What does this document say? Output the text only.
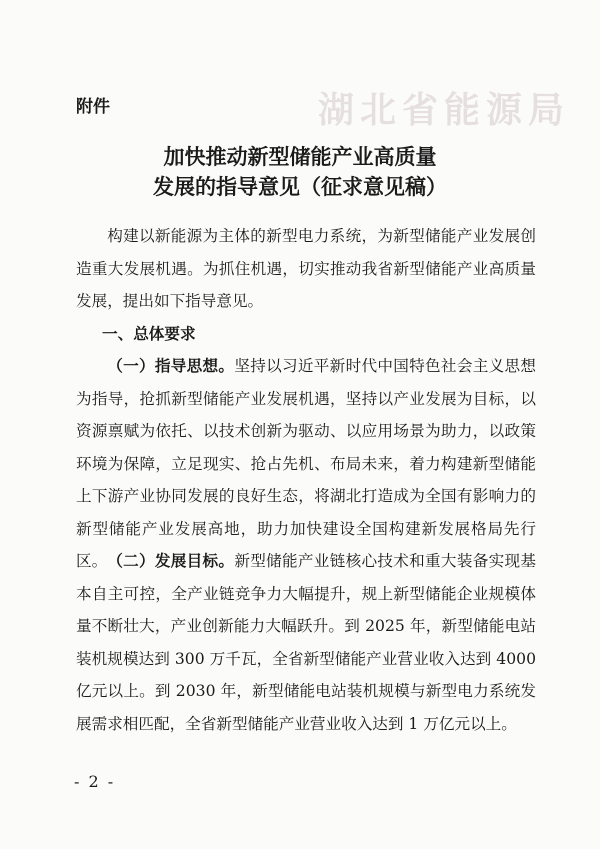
湖北省能源局
附件
加快推动新型储能产业高质量
发展的指导意见（征求意见稿）
构建以新能源为主体的新型电力系统，为新型储能产业发展创造重大发展机遇。为抓住机遇，切实推动我省新型储能产业高质量发展，提出如下指导意见。
一、总体要求
（一）指导思想。坚持以习近平新时代中国特色社会主义思想为指导，抢抓新型储能产业发展机遇，坚持以产业发展为目标，以资源禀赋为依托、以技术创新为驱动、以应用场景为助力，以政策环境为保障，立足现实、抢占先机、布局未来，着力构建新型储能上下游产业协同发展的良好生态，将湖北打造成为全国有影响力的新型储能产业发展高地，助力加快建设全国构建新发展格局先行区。 （二）发展目标。新型储能产业链核心技术和重大装备实现基本自主可控，全产业链竞争力大幅提升，规上新型储能企业规模体量不断壮大，产业创新能力大幅跃升。到 2025 年，新型储能电站装机规模达到 300 万千瓦，全省新型储能产业营业收入达到 4000 亿元以上。到 2030 年，新型储能电站装机规模与新型电力系统发展需求相匹配，全省新型储能产业营业收入达到 1 万亿元以上。
- 2 -
